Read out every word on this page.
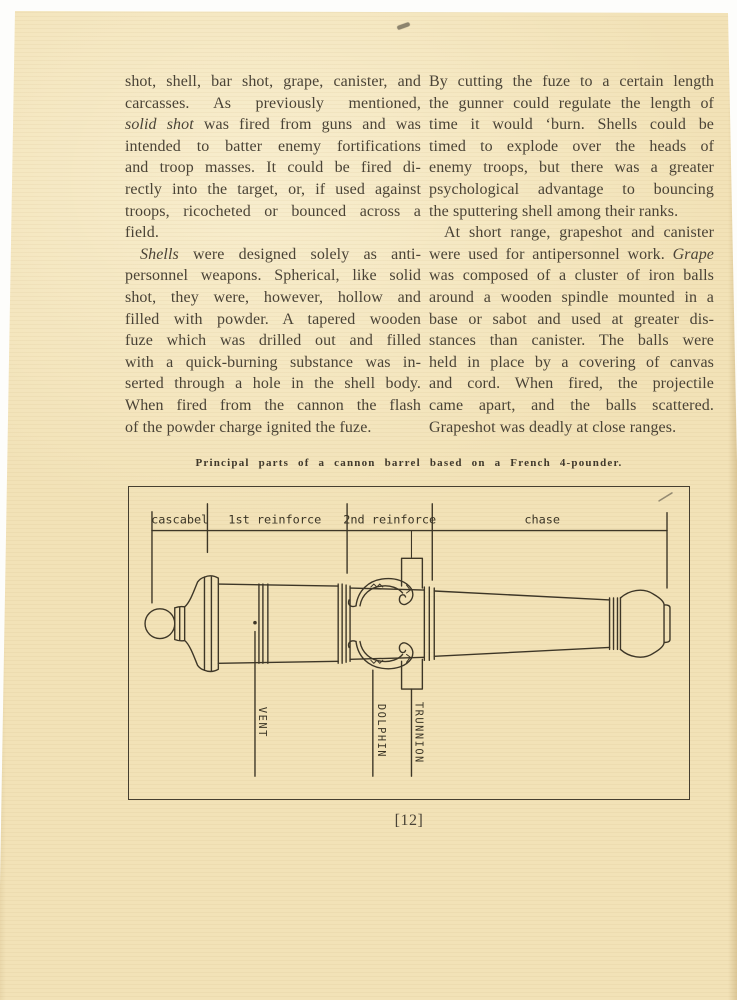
shot, shell, bar shot, grape, canister, and
carcasses. As previously mentioned,
solid shot was fired from guns and was
intended to batter enemy fortifications
and troop masses. It could be fired di-
rectly into the target, or, if used against
troops, ricocheted or bounced across a
field.
Shells were designed solely as anti-
personnel weapons. Spherical, like solid
shot, they were, however, hollow and
filled with powder. A tapered wooden
fuze which was drilled out and filled
with a quick-burning substance was in-
serted through a hole in the shell body.
When fired from the cannon the flash
of the powder charge ignited the fuze.
By cutting the fuze to a certain length
the gunner could regulate the length of
time it would ‘burn. Shells could be
timed to explode over the heads of
enemy troops, but there was a greater
psychological advantage to bouncing
the sputtering shell among their ranks.
At short range, grapeshot and canister
were used for antipersonnel work. Grape
was composed of a cluster of iron balls
around a wooden spindle mounted in a
base or sabot and used at greater dis-
stances than canister. The balls were
held in place by a covering of canvas
and cord. When fired, the projectile
came apart, and the balls scattered.
Grapeshot was deadly at close ranges.
Principal parts of a cannon barrel based on a French 4-pounder.
cascabel 1st reinforce 2nd reinforce	chase
VENT	DOLPHIN TRUNNION
[12]
